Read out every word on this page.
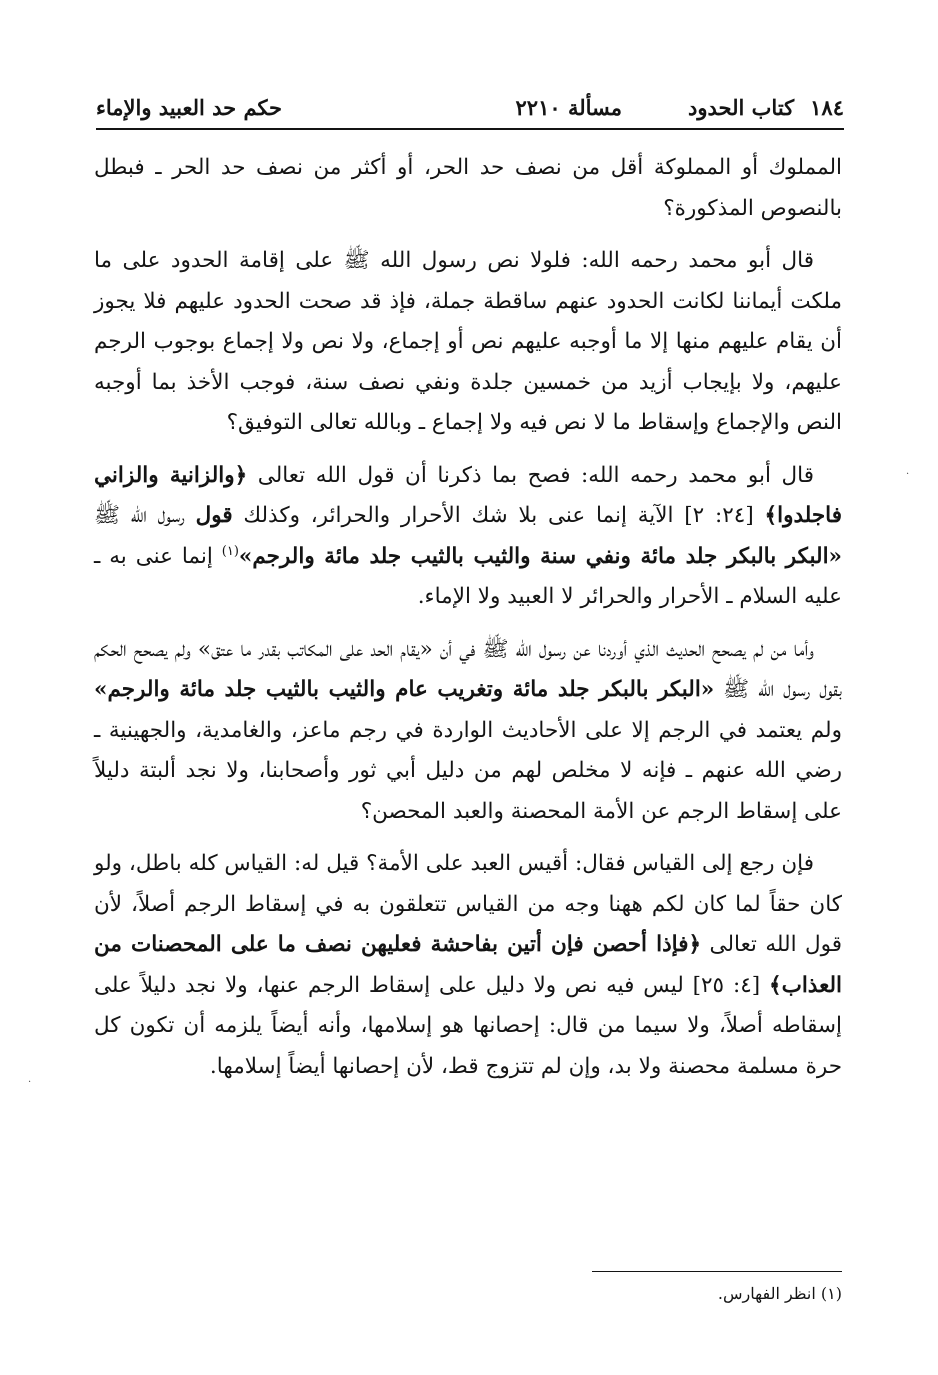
١٨٤كتاب الحدود
مسألة ٢٢١٠
حكم حد العبيد والإماء

المملوك أو المملوكة أقل من نصف حد الحر، أو أكثر من نصف حد الحر ـ فبطل بالنصوص المذكورة؟

قال أبو محمد رحمه الله: فلولا نص رسول الله ﷺ على إقامة الحدود على ما ملكت أيماننا لكانت الحدود عنهم ساقطة جملة، فإذ قد صحت الحدود عليهم فلا يجوز أن يقام عليهم منها إلا ما أوجبه عليهم نص أو إجماع، ولا نص ولا إجماع بوجوب الرجم عليهم، ولا بإيجاب أزيد من خمسين جلدة ونفي نصف سنة، فوجب الأخذ بما أوجبه النص والإجماع وإسقاط ما لا نص فيه ولا إجماع ـ وبالله تعالى التوفيق؟

قال أبو محمد رحمه الله: فصح بما ذكرنا أن قول الله تعالى ﴿والزانية والزاني فاجلدوا﴾ [٢٤: ٢] الآية إنما عنى بلا شك الأحرار والحرائر، وكذلك قول رسول الله ﷺ «البكر بالبكر جلد مائة ونفي سنة والثيب بالثيب جلد مائة والرجم»$^{(١)}$ إنما عنى به ـ عليه السلام ـ الأحرار والحرائر لا العبيد ولا الإماء.

وأما من لم يصحح الحديث الذي أوردنا عن رسول الله ﷺ في أن «يقام الحد على المكاتب بقدر ما عتق» ولم يصحح الحكم بقول رسول الله ﷺ «البكر بالبكر جلد مائة وتغريب عام والثيب بالثيب جلد مائة والرجم» ولم يعتمد في الرجم إلا على الأحاديث الواردة في رجم ماعز، والغامدية، والجهينية ـ رضي الله عنهم ـ فإنه لا مخلص لهم من دليل أبي ثور وأصحابنا، ولا نجد ألبتة دليلاً على إسقاط الرجم عن الأمة المحصنة والعبد المحصن؟

فإن رجع إلى القياس فقال: أقيس العبد على الأمة؟ قيل له: القياس كله باطل، ولو كان حقاً لما كان لكم ههنا وجه من القياس تتعلقون به في إسقاط الرجم أصلاً، لأن قول الله تعالى ﴿فإذا أحصن فإن أتين بفاحشة فعليهن نصف ما على المحصنات من العذاب﴾ [٤: ٢٥] ليس فيه نص ولا دليل على إسقاط الرجم عنها، ولا نجد دليلاً على إسقاطه أصلاً، ولا سيما من قال: إحصانها هو إسلامها، وأنه أيضاً يلزمه أن تكون كل حرة مسلمة محصنة ولا بد، وإن لم تتزوج قط، لأن إحصانها أيضاً إسلامها.

(١) انظر الفهارس.
·
·
